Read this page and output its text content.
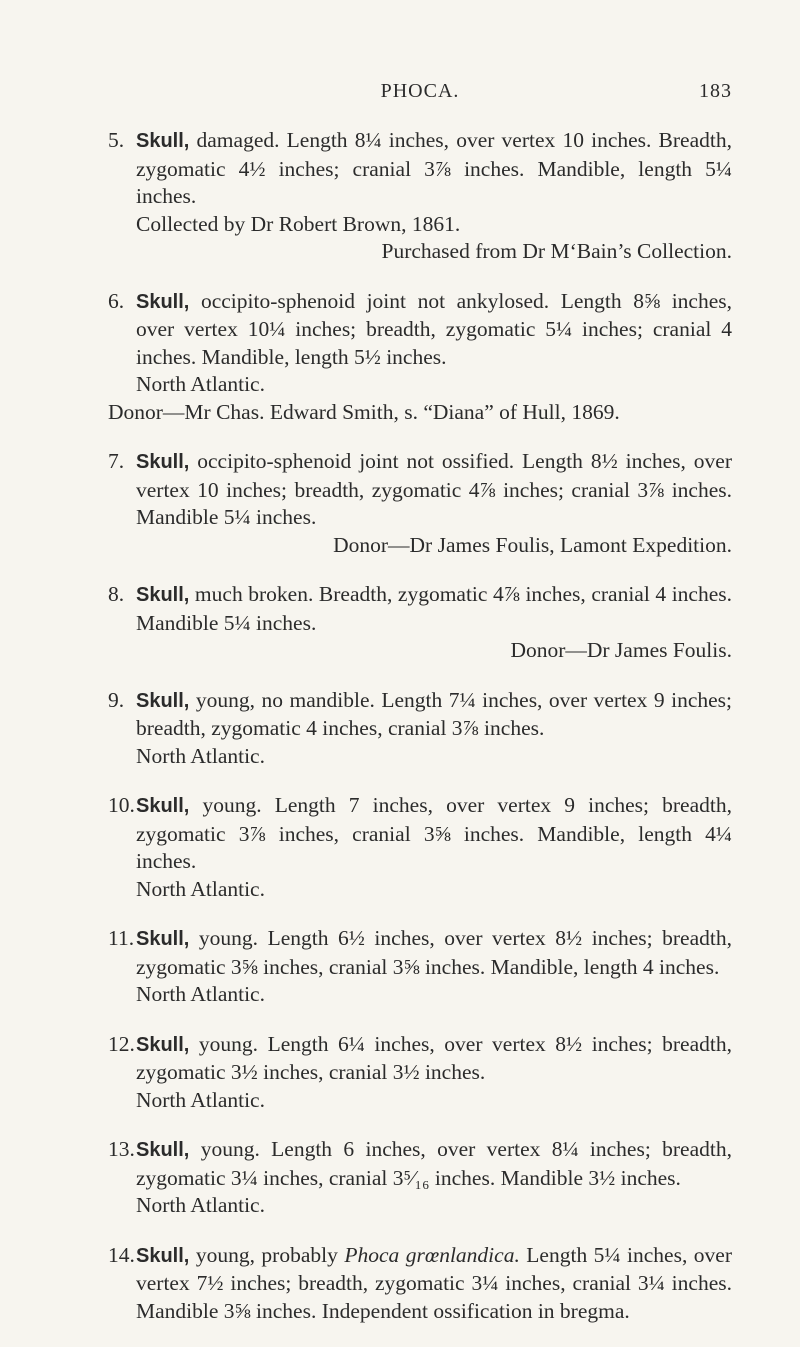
PHOCA.	183
5. Skull, damaged. Length 8¼ inches, over vertex 10 inches. Breadth, zygomatic 4½ inches; cranial 3⅞ inches. Mandible, length 5¼ inches.
Collected by Dr Robert Brown, 1861.
Purchased from Dr M‘Bain’s Collection.
6. Skull, occipito-sphenoid joint not ankylosed. Length 8⅝ inches, over vertex 10¼ inches; breadth, zygomatic 5¼ inches; cranial 4 inches. Mandible, length 5½ inches.
North Atlantic.
Donor—Mr Chas. Edward Smith, s. “Diana” of Hull, 1869.
7. Skull, occipito-sphenoid joint not ossified. Length 8½ inches, over vertex 10 inches; breadth, zygomatic 4⅞ inches; cranial 3⅞ inches. Mandible 5¼ inches.
Donor—Dr James Foulis, Lamont Expedition.
8. Skull, much broken. Breadth, zygomatic 4⅞ inches, cranial 4 inches. Mandible 5¼ inches.
Donor—Dr James Foulis.
9. Skull, young, no mandible. Length 7¼ inches, over vertex 9 inches; breadth, zygomatic 4 inches, cranial 3⅞ inches.
North Atlantic.
10. Skull, young. Length 7 inches, over vertex 9 inches; breadth, zygomatic 3⅞ inches, cranial 3⅝ inches. Mandible, length 4¼ inches.
North Atlantic.
11. Skull, young. Length 6½ inches, over vertex 8½ inches; breadth, zygomatic 3⅝ inches, cranial 3⅝ inches. Mandible, length 4 inches.
North Atlantic.
12. Skull, young. Length 6¼ inches, over vertex 8½ inches; breadth, zygomatic 3½ inches, cranial 3½ inches.
North Atlantic.
13. Skull, young. Length 6 inches, over vertex 8¼ inches; breadth, zygomatic 3¼ inches, cranial 3⁵⁄₁₆ inches. Mandible 3½ inches.
North Atlantic.
14. Skull, young, probably Phoca grœnlandica. Length 5¼ inches, over vertex 7½ inches; breadth, zygomatic 3¼ inches, cranial 3¼ inches. Mandible 3⅝ inches. Independent ossification in bregma.
